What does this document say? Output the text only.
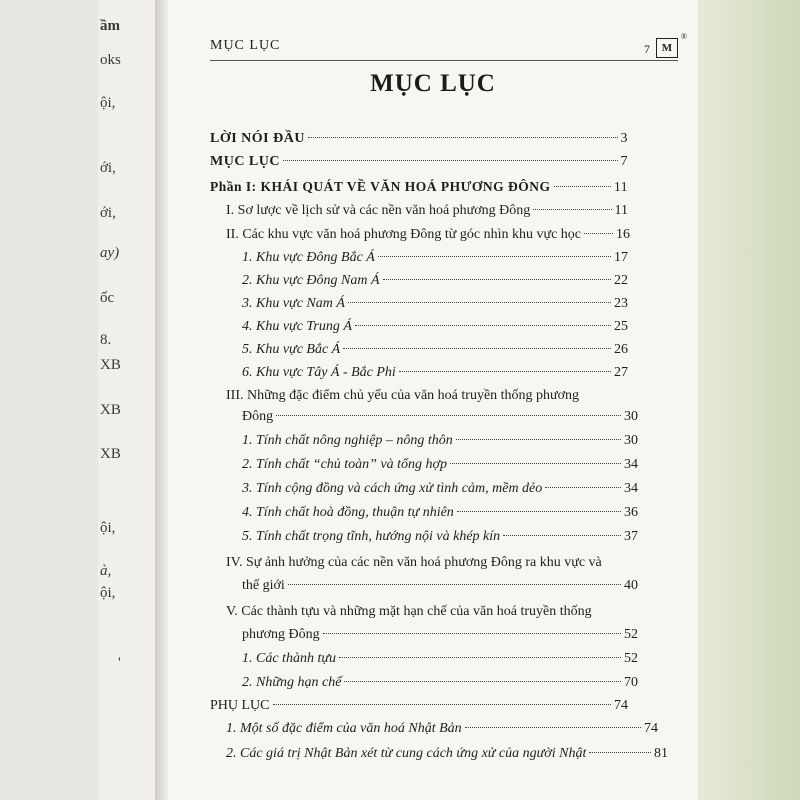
ầm
oks
ội,
ới,
ới,
ay)
ốc
8.
XB
XB
XB
ội,
à,
ội,
'
MỤC LỤC	7	M
®
MỤC LỤC
LỜI NÓI ĐẦU	3
MỤC LỤC	7
Phần I: KHÁI QUÁT VỀ VĂN HOÁ PHƯƠNG ĐÔNG	11
I. Sơ lược về lịch sử và các nền văn hoá phương Đông	11
II. Các khu vực văn hoá phương Đông từ góc nhìn khu vực học 16
1. Khu vực Đông Bắc Á	17
2. Khu vực Đông Nam Á	22
3. Khu vực Nam Á	23
4. Khu vực Trung Á	25
5. Khu vực Bắc Á	26
6. Khu vực Tây Á - Bắc Phi	27
III. Những đặc điểm chủ yếu của văn hoá truyền thống phương
Đông	30
1. Tính chất nông nghiệp – nông thôn	30
2. Tính chất “chủ toàn” và tổng hợp	34
3. Tính cộng đồng và cách ứng xử tình cảm, mềm dẻo	34
4. Tính chất hoà đồng, thuận tự nhiên	36
5. Tính chất trọng tĩnh, hướng nội và khép kín	37
IV. Sự ảnh hưởng của các nền văn hoá phương Đông ra khu vực và
thế giới	40
V. Các thành tựu và những mặt hạn chế của văn hoá truyền thống
phương Đông	52
1. Các thành tựu	52
2. Những hạn chế	70
PHỤ LỤC	74
1. Một số đặc điểm của văn hoá Nhật Bản	74
2. Các giá trị Nhật Bản xét từ cung cách ứng xử của người Nhật	81
